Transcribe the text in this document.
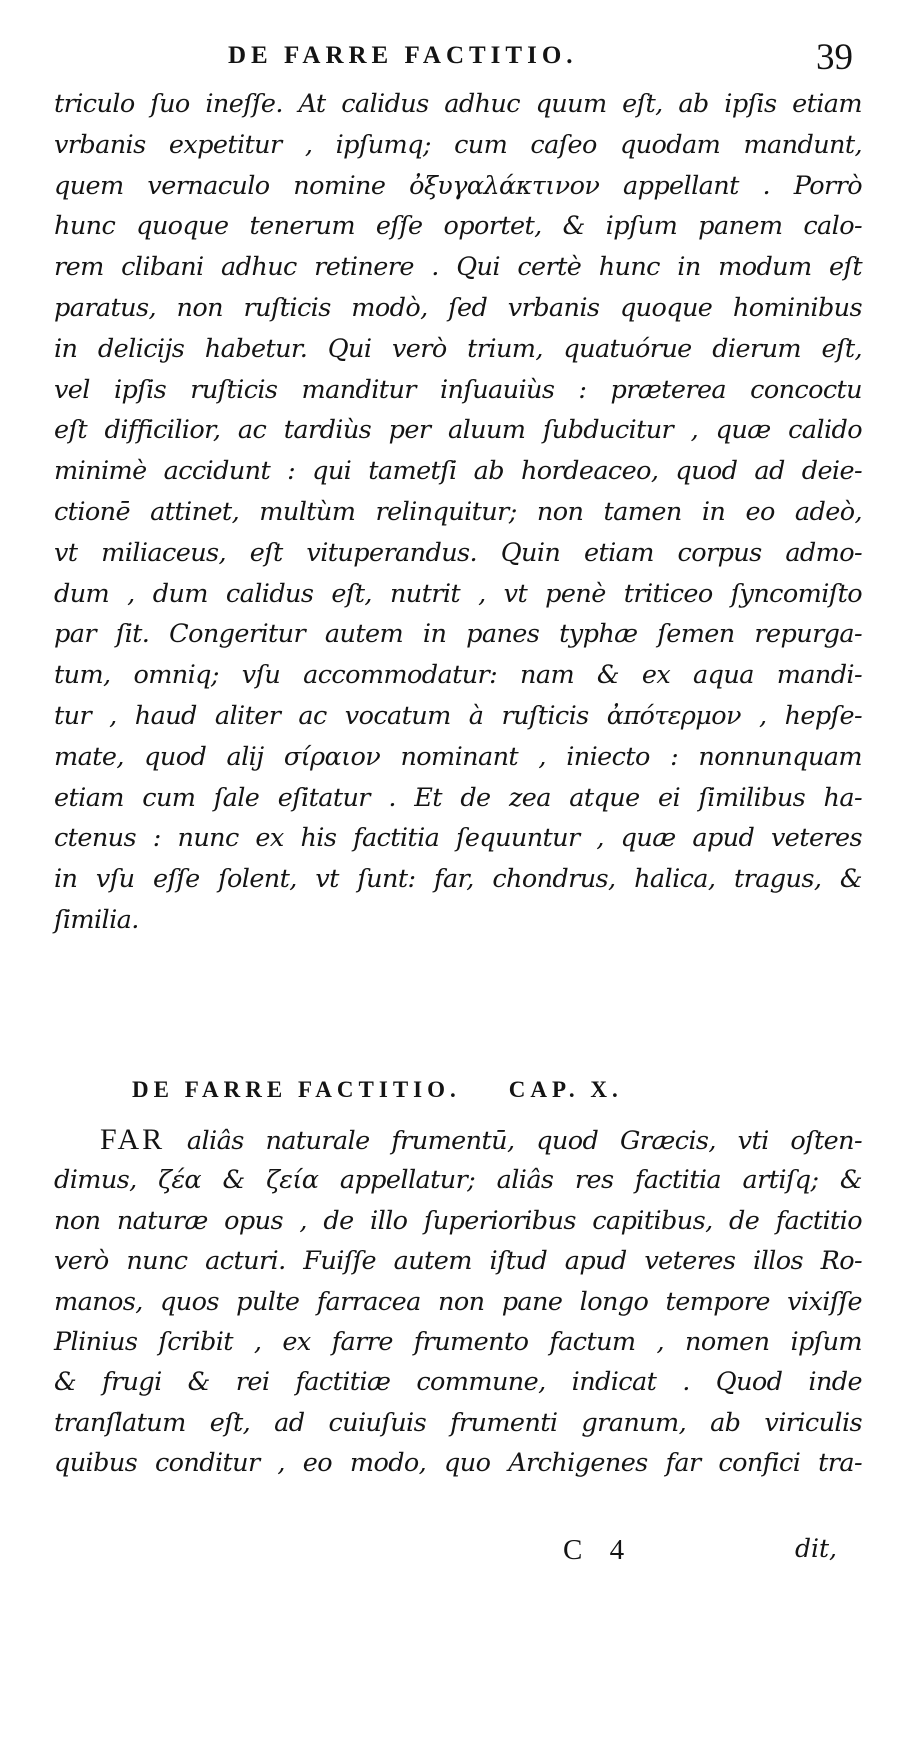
DE FARRE FACTITIO.	39
triculo ſuo ineſſe. At calidus adhuc quum eſt, ab ipſis etiam
vrbanis expetitur , ipſumq; cum caſeo quodam mandunt,
quem vernaculo nomine ὀξυγαλάκτινον appellant . Porrò
hunc quoque tenerum eſſe oportet, & ipſum panem calo-
rem clibani adhuc retinere . Qui certè hunc in modum eſt
paratus, non ruſticis modò, ſed vrbanis quoque hominibus
in delicijs habetur. Qui verò trium, quatuórue dierum eſt,
vel ipſis ruſticis manditur inſuauiùs : præterea concoctu
eſt difficilior, ac tardiùs per aluum ſubducitur , quæ calido
minimè accidunt : qui tametſi ab hordeaceo, quod ad deie-
ctionē attinet, multùm relinquitur; non tamen in eo adeò,
vt miliaceus, eſt vituperandus. Quin etiam corpus admo-
dum , dum calidus eſt, nutrit , vt penè triticeo ſyncomiſto
par ſit. Congeritur autem in panes typhæ ſemen repurga-
tum, omniq; vſu accommodatur: nam & ex aqua mandi-
tur , haud aliter ac vocatum à ruſticis ἀπότερμον , hepſe-
mate, quod alij σίραιον nominant , iniecto : nonnunquam
etiam cum ſale eſitatur . Et de zea atque ei ſimilibus ha-
ctenus : nunc ex his factitia ſequuntur , quæ apud veteres
in vſu eſſe ſolent, vt ſunt: far, chondrus, halica, tragus, &
ſimilia.
DE FARRE FACTITIO. CAP. X.
FAR aliâs naturale frumentū, quod Græcis, vti oſten-
dimus, ζέα & ζεία appellatur; aliâs res factitia artiſq; &
non naturæ opus , de illo ſuperioribus capitibus, de factitio
verò nunc acturi. Fuiſſe autem iſtud apud veteres illos Ro-
manos, quos pulte farracea non pane longo tempore vixiſſe
Plinius ſcribit , ex farre frumento factum , nomen ipſum
& frugi & rei factitiæ commune, indicat . Quod inde
tranſlatum eſt, ad cuiuſuis frumenti granum, ab viriculis
quibus conditur , eo modo, quo Archigenes far confici tra-
C 4	dit,
